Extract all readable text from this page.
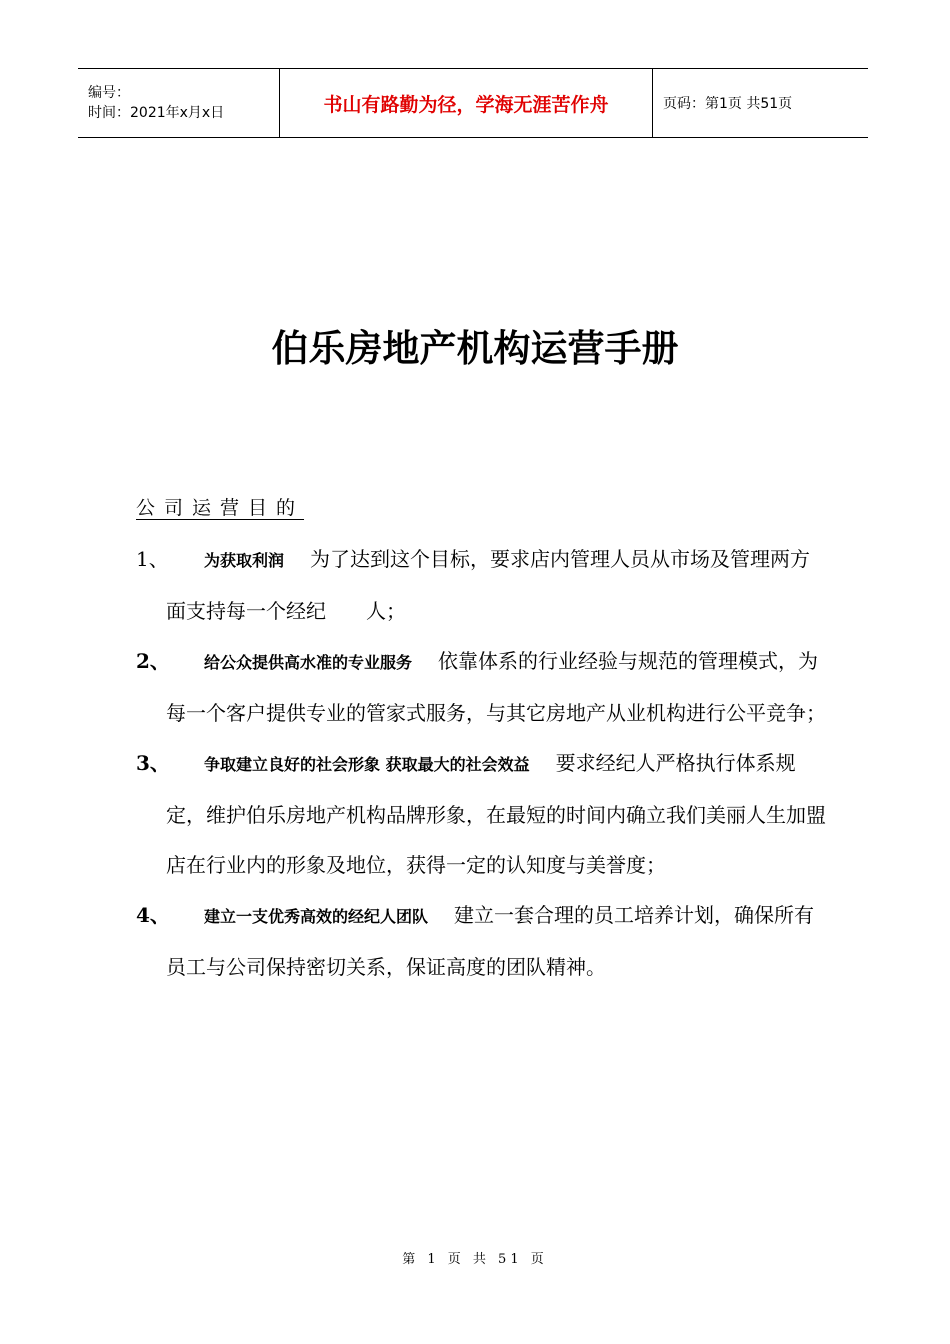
编号：
时间：2021年x月x日	书山有路勤为径，学海无涯苦作舟	页码：第1页 共51页
伯乐房地产机构运营手册
公司运营目的
1、	为获取利润 为了达到这个目标，要求店内管理人员从市场及管理两方面支持每一个经纪　　人；
2、	给公众提供高水准的专业服务 依靠体系的行业经验与规范的管理模式，为每一个客户提供专业的管家式服务，与其它房地产从业机构进行公平竞争；
3、	争取建立良好的社会形象 获取最大的社会效益 要求经纪人严格执行体系规定，维护伯乐房地产机构品牌形象，在最短的时间内确立我们美丽人生加盟店在行业内的形象及地位，获得一定的认知度与美誉度；
4、	建立一支优秀高效的经纪人团队 建立一套合理的员工培养计划，确保所有员工与公司保持密切关系，保证高度的团队精神。
第 1 页 共 51 页
